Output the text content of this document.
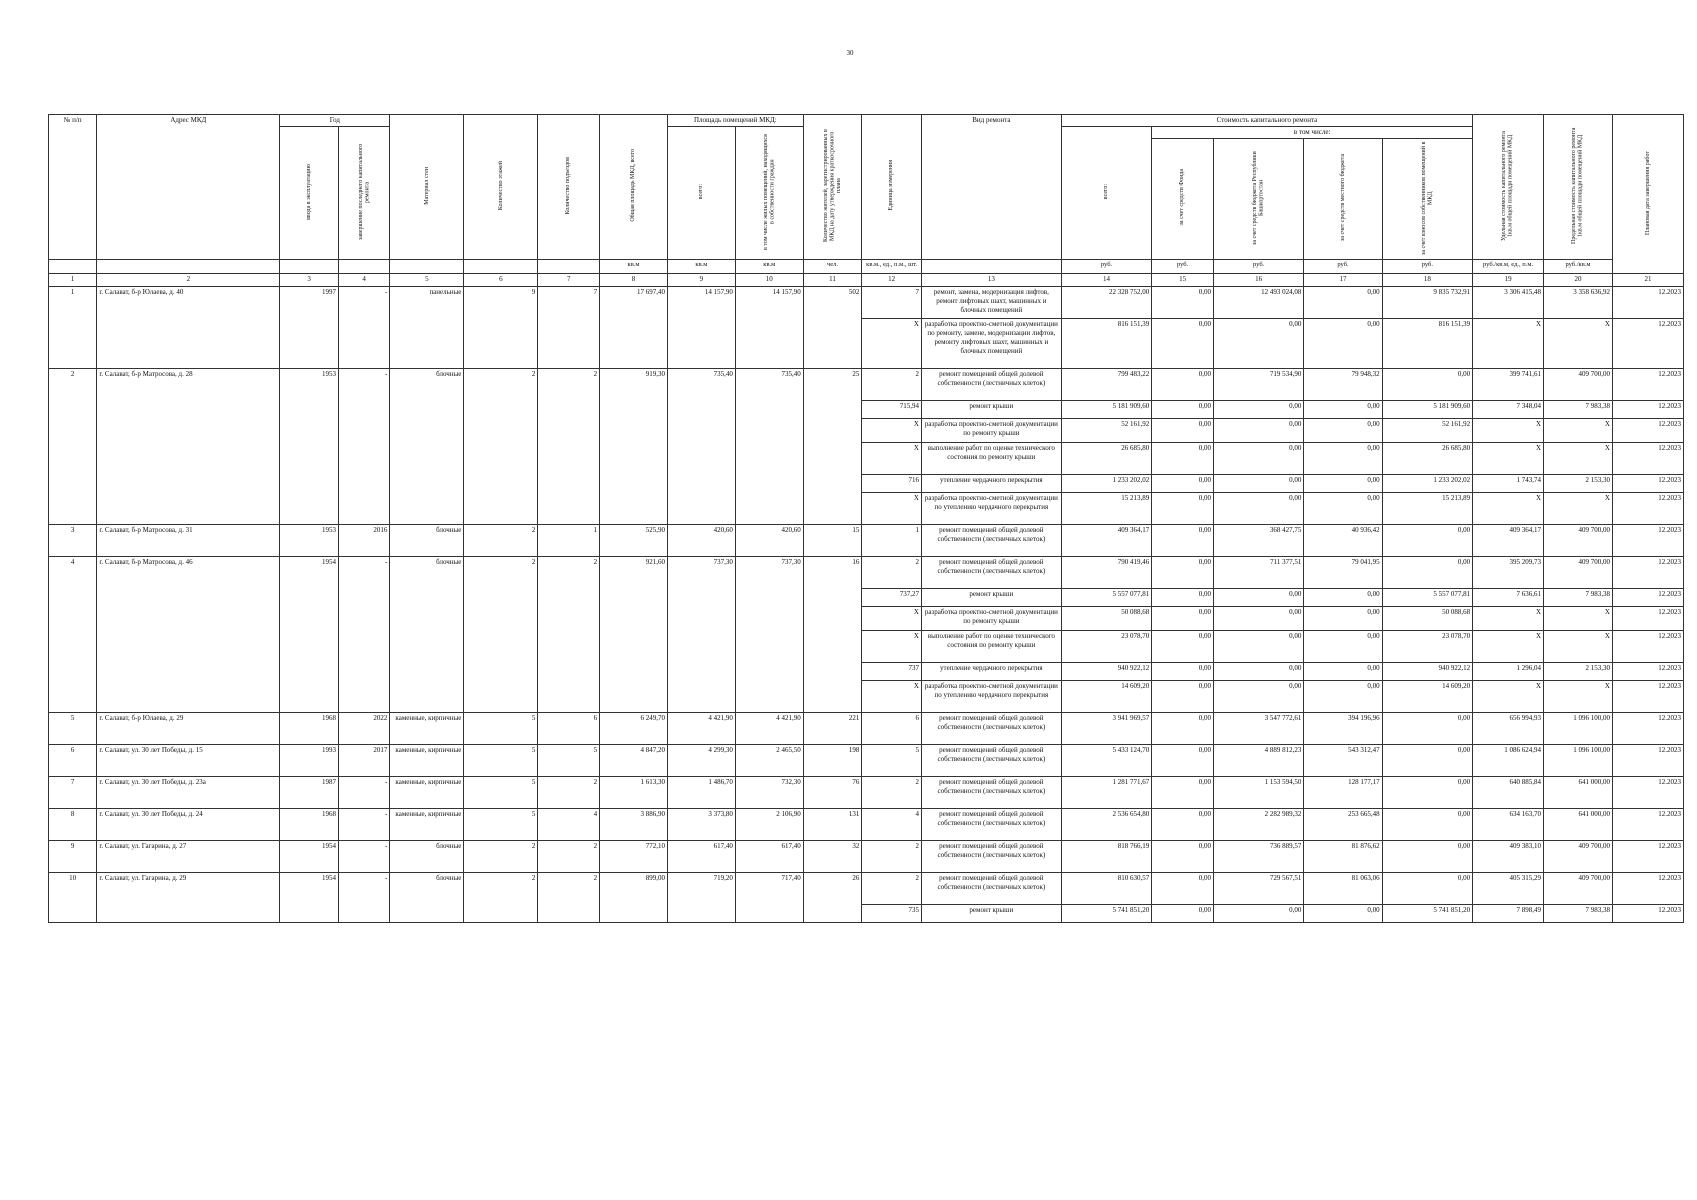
30
№ п/п	Адрес МКД	Год		Материал стен	Количество этажей	Количество подъездов	Общая площадь МКД, всего	Площадь помещений МКД:		Количество жителей, зарегистрированных в МКД на дату утверждения краткосрочного плана	Единица измерения	Вид ремонта	Стоимость капитального ремонта					Удельная стоимость капитального ремонта 1кв.м общей площади помещений МКД	Предельная стоимость капитального ремонта 1кв.м общей площади помещений МКД	Плановая дата завершения работ
		ввода в эксплуатацию	завершение последнего капитального ремонта					всего:	в том числе жилых помещений, находящихся в собственности граждан				всего:	в том числе:						
														за счет средств Фонда	за счет средств бюджета Республики Башкортостан	за счет средств местного бюджета	за счет взносов собственников помещений в МКД			
							кв.м	кв.м	кв.м	чел.	кв.м., ед., п.м., шт.		руб.	руб.	руб.	руб.	руб.	руб./кв.м, ед., п.м.	руб./кв.м	
1	2	3	4	5	6	7	8	9	10	11	12	13	14	15	16	17	18	19	20	21
1	г. Салават, б-р Юлаева, д. 40	1997	-	панельные	9	7	17 697,40	14 157,90	14 157,90	502	7	ремонт, замена, модернизация лифтов, ремонт лифтовых шахт, машинных и блочных помещений	22 328 752,00	0,00	12 493 024,08	0,00	9 835 732,91	3 306 415,48	3 358 636,92	12.2023
											X	разработка проектно-сметной документации по ремонту, замене, модернизации лифтов, ремонту лифтовых шахт, машинных и блочных помещений	816 151,39	0,00	0,00	0,00	816 151,39	X	X	12.2023
2	г. Салават, б-р Матросова, д. 28	1953	-	блочные	2	2	919,30	735,40	735,40	25	2	ремонт помещений общей долевой собственности (лестничных клеток)	799 483,22	0,00	719 534,90	79 948,32	0,00	399 741,61	409 700,00	12.2023
											715,94	ремонт крыши	5 181 909,60	0,00	0,00	0,00	5 181 909,60	7 348,04	7 983,38	12.2023
											X	разработка проектно-сметной документации по ремонту крыши	52 161,92	0,00	0,00	0,00	52 161,92	X	X	12.2023
											X	выполнение работ по оценке технического состояния по ремонту крыши	26 685,80	0,00	0,00	0,00	26 685,80	X	X	12.2023
											716	утепление чердачного перекрытия	1 233 202,02	0,00	0,00	0,00	1 233 202,02	1 743,74	2 153,30	12.2023
											X	разработка проектно-сметной документации по утеплению чердачного перекрытия	15 213,89	0,00	0,00	0,00	15 213,89	X	X	12.2023
3	г. Салават, б-р Матросова, д. 31	1953	2016	блочные	2	1	525,90	420,60	420,60	15	1	ремонт помещений общей долевой собственности (лестничных клеток)	409 364,17	0,00	368 427,75	40 936,42	0,00	409 364,17	409 700,00	12.2023
4	г. Салават, б-р Матросова, д. 46	1954	-	блочные	2	2	921,60	737,30	737,30	16	2	ремонт помещений общей долевой собственности (лестничных клеток)	790 419,46	0,00	711 377,51	79 041,95	0,00	395 209,73	409 700,00	12.2023
											737,27	ремонт крыши	5 557 077,81	0,00	0,00	0,00	5 557 077,81	7 636,61	7 983,38	12.2023
											X	разработка проектно-сметной документации по ремонту крыши	50 088,68	0,00	0,00	0,00	50 088,68	X	X	12.2023
											X	выполнение работ по оценке технического состояния по ремонту крыши	23 078,70	0,00	0,00	0,00	23 078,70	X	X	12.2023
											737	утепление чердачного перекрытия	940 922,12	0,00	0,00	0,00	940 922,12	1 296,04	2 153,30	12.2023
											X	разработка проектно-сметной документации по утеплению чердачного перекрытия	14 609,20	0,00	0,00	0,00	14 609,20	X	X	12.2023
5	г. Салават, б-р Юлаева, д. 29	1968	2022	каменные, кирпичные	5	6	6 249,70	4 421,90	4 421,90	221	6	ремонт помещений общей долевой собственности (лестничных клеток)	3 941 969,57	0,00	3 547 772,61	394 196,96	0,00	656 994,93	1 096 100,00	12.2023
6	г. Салават, ул. 30 лет Победы, д. 15	1993	2017	каменные, кирпичные	5	5	4 847,20	4 299,30	2 465,50	198	5	ремонт помещений общей долевой собственности (лестничных клеток)	5 433 124,70	0,00	4 889 812,23	543 312,47	0,00	1 086 624,94	1 096 100,00	12.2023
7	г. Салават, ул. 30 лет Победы, д. 23а	1987	-	каменные, кирпичные	5	2	1 613,30	1 486,70	732,30	76	2	ремонт помещений общей долевой собственности (лестничных клеток)	1 281 771,67	0,00	1 153 594,50	128 177,17	0,00	640 885,84	641 000,00	12.2023
8	г. Салават, ул. 30 лет Победы, д. 24	1968	-	каменные, кирпичные	5	4	3 886,90	3 373,80	2 106,90	131	4	ремонт помещений общей долевой собственности (лестничных клеток)	2 536 654,80	0,00	2 282 989,32	253 665,48	0,00	634 163,70	641 000,00	12.2023
9	г. Салават, ул. Гагарина, д. 27	1954	-	блочные	2	2	772,10	617,40	617,40	32	2	ремонт помещений общей долевой собственности (лестничных клеток)	818 766,19	0,00	736 889,57	81 876,62	0,00	409 383,10	409 700,00	12.2023
10	г. Салават, ул. Гагарина, д. 29	1954	-	блочные	2	2	899,00	719,20	717,40	26	2	ремонт помещений общей долевой собственности (лестничных клеток)	810 630,57	0,00	729 567,51	81 063,06	0,00	405 315,29	409 700,00	12.2023
											735	ремонт крыши	5 741 851,20	0,00	0,00	0,00	5 741 851,20	7 898,49	7 983,38	12.2023
